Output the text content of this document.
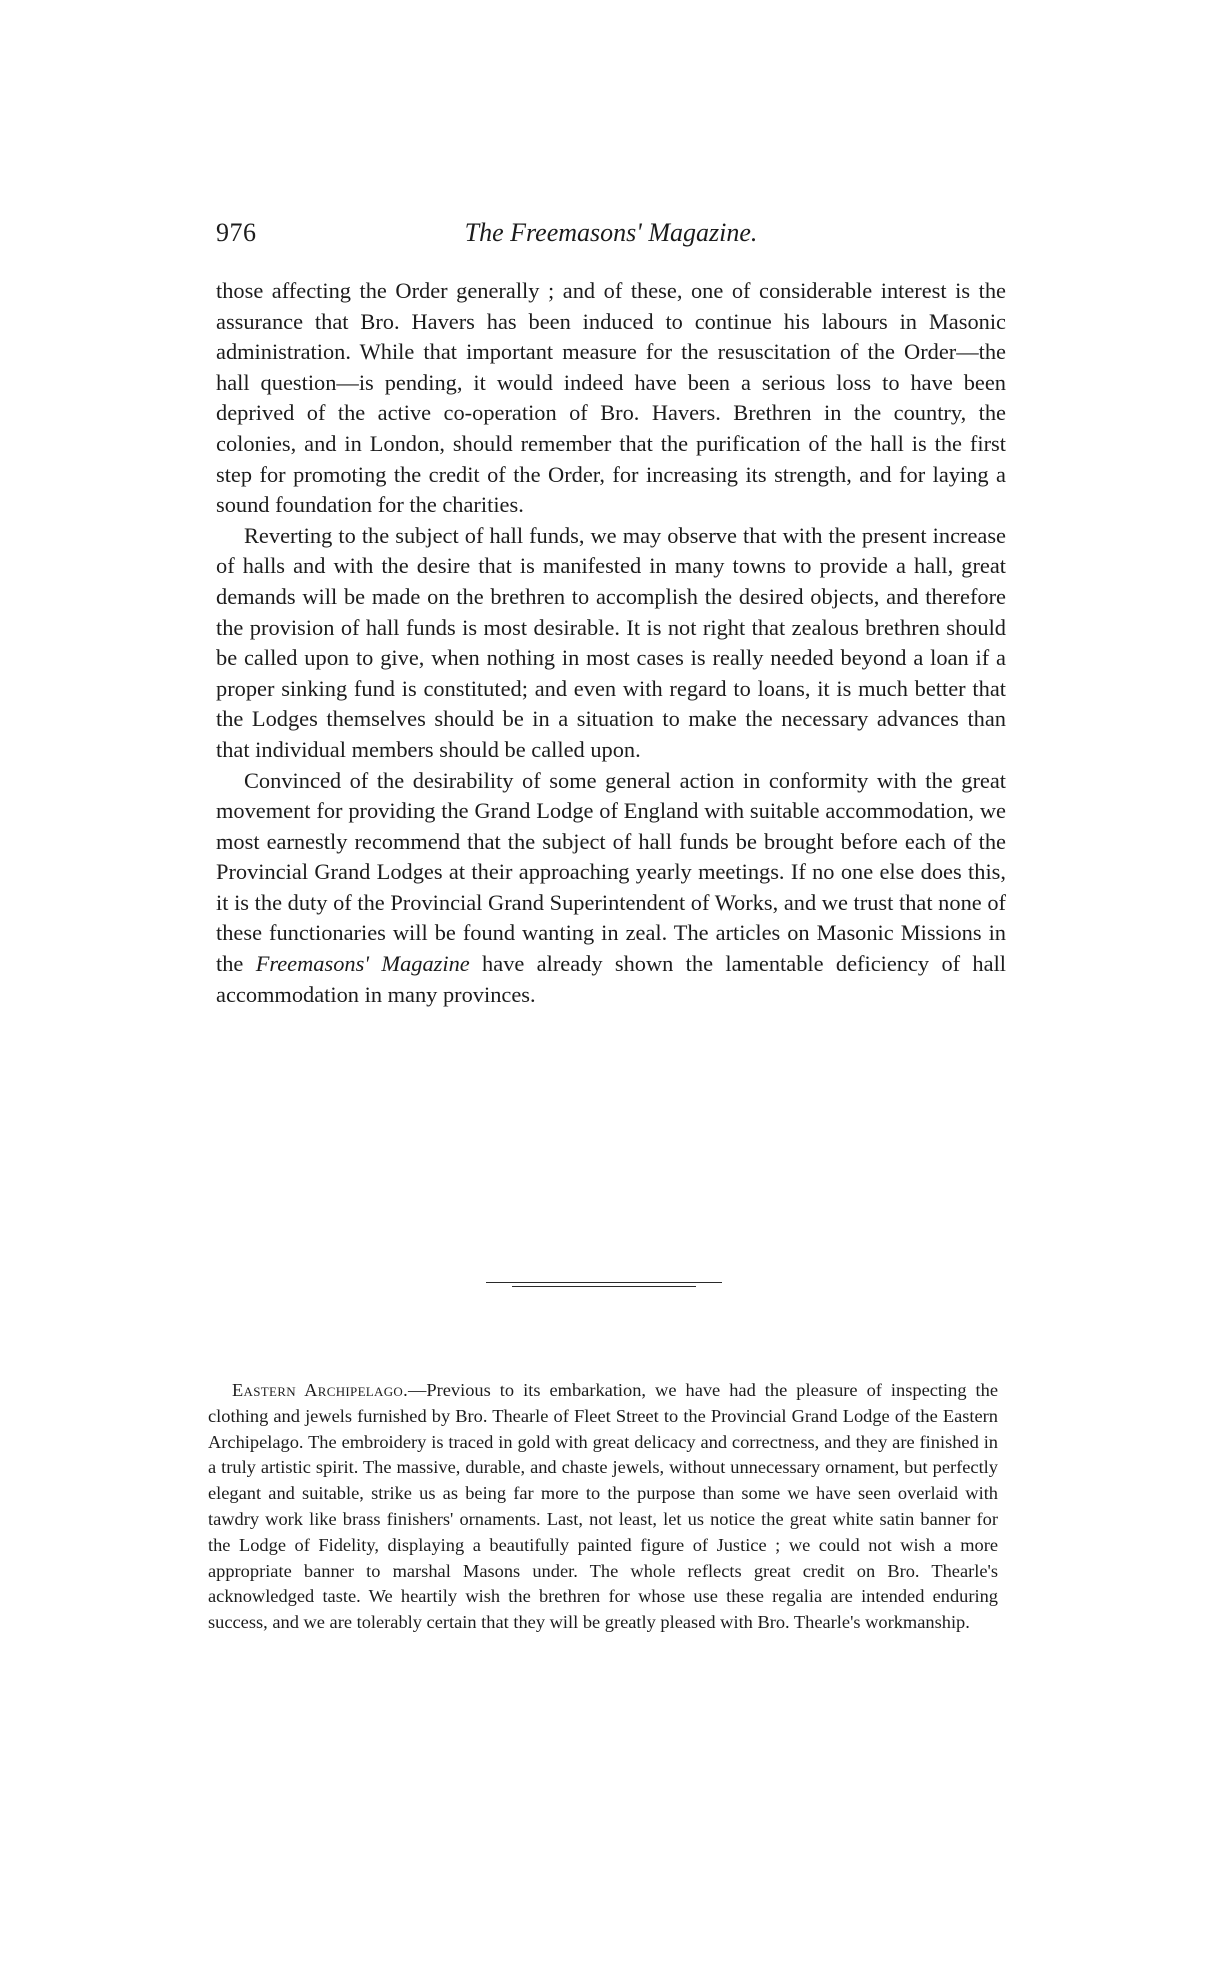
976	The Freemasons' Magazine.

those affecting the Order generally ; and of these, one of considerable interest is the assurance that Bro. Havers has been induced to continue his labours in Masonic administration. While that important measure for the resuscitation of the Order—the hall question—is pending, it would indeed have been a serious loss to have been deprived of the active co-operation of Bro. Havers. Brethren in the country, the colonies, and in London, should remember that the purification of the hall is the first step for promoting the credit of the Order, for increasing its strength, and for laying a sound foundation for the charities.

Reverting to the subject of hall funds, we may observe that with the present increase of halls and with the desire that is manifested in many towns to provide a hall, great demands will be made on the brethren to accomplish the desired objects, and therefore the provision of hall funds is most desirable. It is not right that zealous brethren should be called upon to give, when nothing in most cases is really needed beyond a loan if a proper sinking fund is constituted; and even with regard to loans, it is much better that the Lodges themselves should be in a situation to make the necessary advances than that individual members should be called upon.

Convinced of the desirability of some general action in conformity with the great movement for providing the Grand Lodge of England with suitable accommodation, we most earnestly recommend that the subject of hall funds be brought before each of the Provincial Grand Lodges at their approaching yearly meetings. If no one else does this, it is the duty of the Provincial Grand Superintendent of Works, and we trust that none of these functionaries will be found wanting in zeal. The articles on Masonic Missions in the Freemasons' Magazine have already shown the lamentable deficiency of hall accommodation in many provinces.

Eastern Archipelago.—Previous to its embarkation, we have had the pleasure of inspecting the clothing and jewels furnished by Bro. Thearle of Fleet Street to the Provincial Grand Lodge of the Eastern Archipelago. The embroidery is traced in gold with great delicacy and correctness, and they are finished in a truly artistic spirit. The massive, durable, and chaste jewels, without unnecessary ornament, but perfectly elegant and suitable, strike us as being far more to the purpose than some we have seen overlaid with tawdry work like brass finishers' ornaments. Last, not least, let us notice the great white satin banner for the Lodge of Fidelity, displaying a beautifully painted figure of Justice ; we could not wish a more appropriate banner to marshal Masons under. The whole reflects great credit on Bro. Thearle's acknowledged taste. We heartily wish the brethren for whose use these regalia are intended enduring success, and we are tolerably certain that they will be greatly pleased with Bro. Thearle's workmanship.
